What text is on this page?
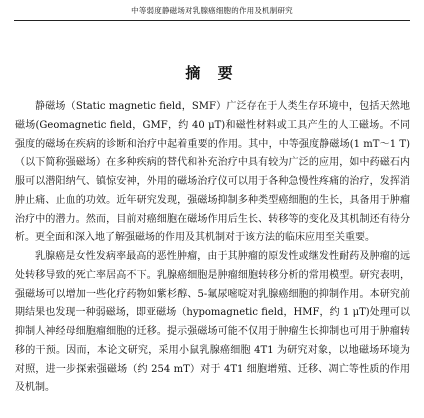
中等弱度静磁场对乳腺癌细胞的作用及机制研究
摘 要

静磁场（Static magnetic field，SMF）广泛存在于人类生存环境中，包括天然地磁场(Geomagnetic field，GMF，约 40 μT)和磁性材料或工具产生的人工磁场。不同强度的磁场在疾病的诊断和治疗中起着重要的作用。其中，中等强度静磁场(1 mT～1 T)（以下简称强磁场）在多种疾病的替代和补充治疗中具有较为广泛的应用，如中药磁石内服可以潜阳纳气、镇惊安神，外用的磁场治疗仪可以用于各种急慢性疼痛的治疗，发挥消肿止痛、止血的功效。近年研究发现，强磁场抑制多种类型癌细胞的生长，具备用于肿瘤治疗中的潜力。然而，目前对癌细胞在磁场作用后生长、转移等的变化及其机制还有待分析。更全面和深入地了解强磁场的作用及其机制对于该方法的临床应用至关重要。

乳腺癌是女性发病率最高的恶性肿瘤，由于其肿瘤的原发性或继发性耐药及肿瘤的远处转移导致的死亡率居高不下。乳腺癌细胞是肿瘤细胞转移分析的常用模型。研究表明，强磁场可以增加一些化疗药物如紫杉醇、5-氟尿嘧啶对乳腺癌细胞的抑制作用。本研究前期结果也发现一种弱磁场，即亚磁场（hypomagnetic field，HMF，约 1 μT)处理可以抑制人神经母细胞瘤细胞的迁移。提示强磁场可能不仅用于肿瘤生长抑制也可用于肿瘤转移的干预。因而，本论文研究，采用小鼠乳腺癌细胞 4T1 为研究对象，以地磁场环境为对照，进一步探索强磁场（约 254 mT）对于 4T1 细胞增殖、迁移、凋亡等性质的作用及机制。
